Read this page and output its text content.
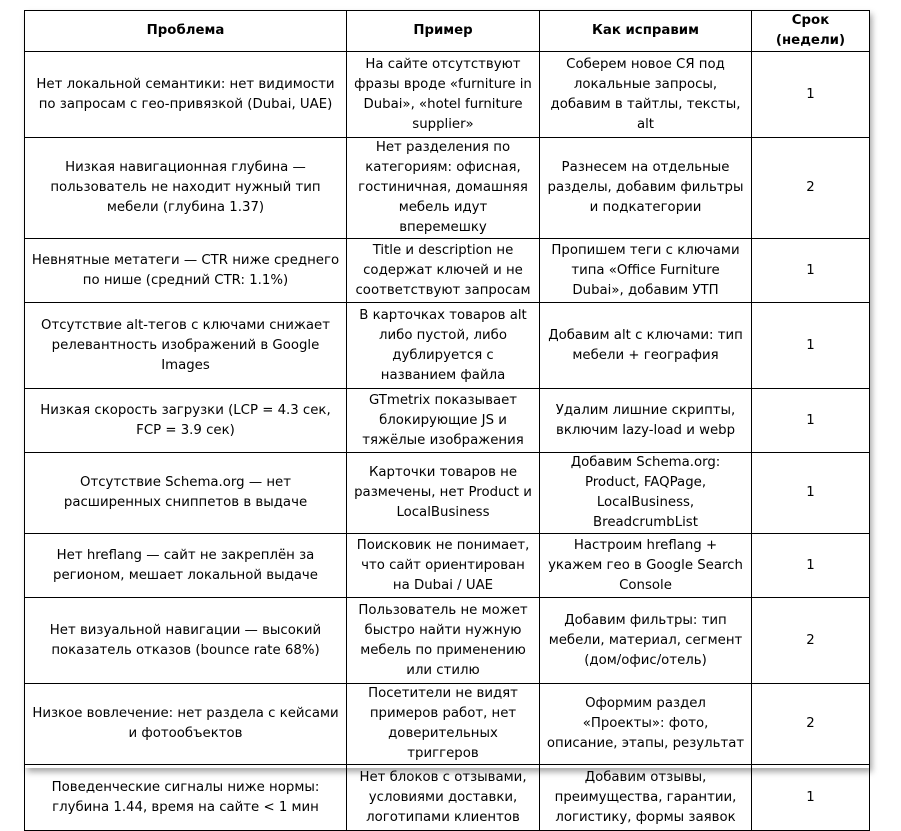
Проблема	Пример	Как исправим	Срок (недели)
Нет локальной семантики: нет видимости по запросам с гео-привязкой (Dubai, UAE)	На сайте отсутствуют фразы вроде «furniture in Dubai», «hotel furniture supplier»	Соберем новое СЯ под локальные запросы, добавим в тайтлы, тексты, alt	1
Низкая навигационная глубина — пользователь не находит нужный тип мебели (глубина 1.37)	Нет разделения по категориям: офисная, гостиничная, домашняя мебель идут вперемешку	Разнесем на отдельные разделы, добавим фильтры и подкатегории	2
Невнятные метатеги — CTR ниже среднего по нише (средний CTR: 1.1%)	Title и description не содержат ключей и не соответствуют запросам	Пропишем теги с ключами типа «Office Furniture Dubai», добавим УТП	1
Отсутствие alt-тегов с ключами снижает релевантность изображений в Google Images	В карточках товаров alt либо пустой, либо дублируется с названием файла	Добавим alt с ключами: тип мебели + география	1
Низкая скорость загрузки (LCP = 4.3 сек, FCP = 3.9 сек)	GTmetrix показывает блокирующие JS и тяжёлые изображения	Удалим лишние скрипты, включим lazy-load и webp	1
Отсутствие Schema.org — нет расширенных сниппетов в выдаче	Карточки товаров не размечены, нет Product и LocalBusiness	Добавим Schema.org: Product, FAQPage, LocalBusiness, BreadcrumbList	1
Нет hreflang — сайт не закреплён за регионом, мешает локальной выдаче	Поисковик не понимает, что сайт ориентирован на Dubai / UAE	Настроим hreflang + укажем гео в Google Search Console	1
Нет визуальной навигации — высокий показатель отказов (bounce rate 68%)	Пользователь не может быстро найти нужную мебель по применению или стилю	Добавим фильтры: тип мебели, материал, сегмент (дом/офис/отель)	2
Низкое вовлечение: нет раздела с кейсами и фотообъектов	Посетители не видят примеров работ, нет доверительных триггеров	Оформим раздел «Проекты»: фото, описание, этапы, результат	2
Поведенческие сигналы ниже нормы: глубина 1.44, время на сайте < 1 мин	Нет блоков с отзывами, условиями доставки, логотипами клиентов	Добавим отзывы, преимущества, гарантии, логистику, формы заявок	1
